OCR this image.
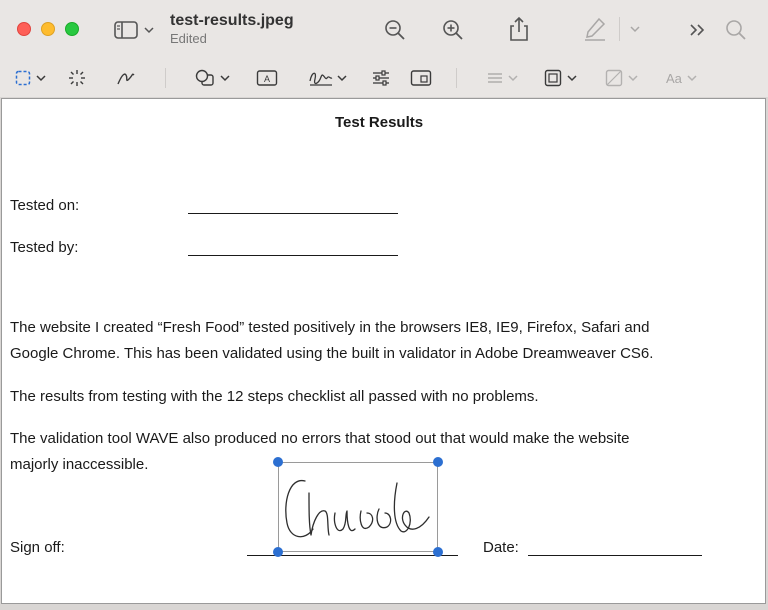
test-results.jpeg
Edited
A	Aa
Test Results
Tested on:
Tested by:
The website I created “Fresh Food” tested positively in the browsers IE8, IE9, Firefox, Safari and
Google Chrome. This has been validated using the built in validator in Adobe Dreamweaver CS6.
The results from testing with the 12 steps checklist all passed with no problems.
The validation tool WAVE also produced no errors that stood out that would make the website
majorly inaccessible.
Sign off:	Date:
